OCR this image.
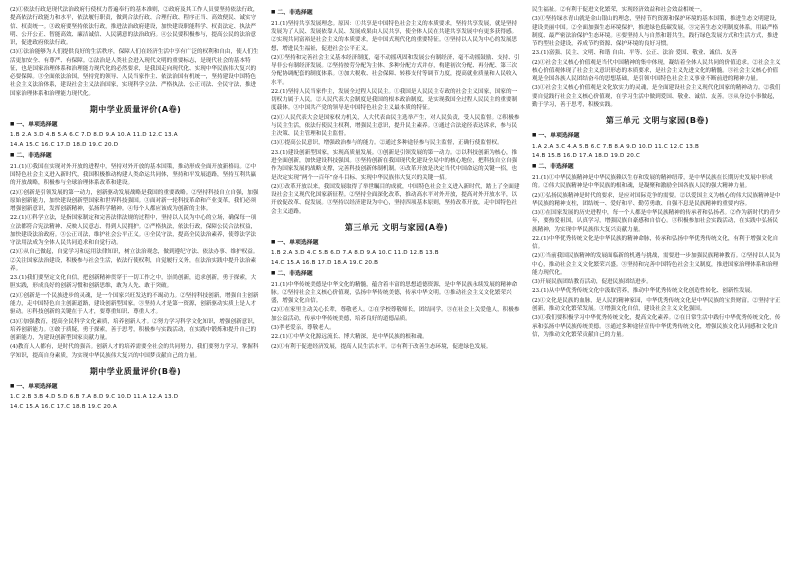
(2)①依法行政是现代法治政府行使权力普遍奉行的基本准则，②政府及其工作人员要坚持依法行政，提高依法行政能力和水平，依法履行职责，做到合法行政、合理行政、程序正当、高效便民、诚实守信、权责统一。③政府要坚持依法行政，推进法治政府建设，加快建设职能科学、权责法定、执法严明、公开公正、智能高效、廉洁诚信、人民满意的法治政府。④公民要积极参与，提高公民的法治意识，促进政府依法行政。

(3)①法治能够为人们提供良好的生活秩序，保障人们在经济生活中享有广泛的权利和自由，使人们生活更加安全、有尊严、有保障。②法治是人类社会进入现代文明的重要标志，是现代社会的基本特征，也是国家治理体系和治理能力现代化的必然要求，是我国走向现代化、实现中华民族伟大复兴的必要保障。③全面依法治国，坚持党的领导、人民当家作主、依法治国有机统一，坚持建设中国特色社会主义法治体系，建设社会主义法治国家，实现科学立法、严格执法、公正司法、全民守法，推进国家治理体系和治理能力现代化。

期中学业质量评价(A卷)
■ 一、单项选择题
1.B 2.A 3.D 4.B 5.A 6.C 7.D 8.D 9.A 10.A 11.D 12.C 13.A
14.A 15.C 16.C 17.D 18.D 19.C 20.D
■ 二、非选择题

21.(1)①我国在实现对外开放的进程中，坚持对外开放的基本国策，推动形成全面开放新格局。②中国特色社会主义进入新时代，我国积极推动构建人类命运共同体，坚持和平发展道路，坚持互利共赢的开放战略，积极参与全球治理体系改革和建设。

(2)①创新是引领发展的第一动力，创新驱动发展战略是我国的重要战略。②坚持科技自立自强，加强原始创新能力，加快建设创新型国家和世界科技强国。③面对新一轮科技革命和产业变革，我们必须增强创新意识，发挥创新精神，弘扬科学精神。④每个人都应该成为创新的主体。

22.(1)①科学立法，是指国家制定和完善法律法规的过程中，坚持以人民为中心的立场，确保每一项立法都符合宪法精神、反映人民意志、得到人民拥护。②严格执法，依法行政，保障公民合法权益，加快建设法治政府。③公正司法，维护社会公平正义。④全民守法，提高全民法治素养，使尊法学法守法用法成为全体人民共同追求和自觉行动。

(2)①从自己做起，自觉学习和运用法律知识，树立法治观念，做到遵纪守法、依法办事、维护权益。②关注国家法治建设，积极参与社会生活，依法行使权利，自觉履行义务，在法治实践中提升法治素养。

23.(1)我们要坚定文化自信，把创新精神贯穿于一切工作之中，崇尚创新，追求创新，勇于探索，大胆实践，形成良好的创新习惯和创新思维，敢为人先、敢于突破。

(2)①创新是一个民族进步的灵魂，是一个国家兴旺发达的不竭动力。②坚持科技创新，增强自主创新能力，走中国特色自主创新道路，建设创新型国家。③坚持人才是第一资源，创新驱动实质上是人才驱动。④科技创新的关键在于人才，要尊重知识、尊重人才。

(3)①加强教育，提高全民科学文化素质，培养创新人才。②努力学习科学文化知识，增强创新意识，培养创新能力。③敢于质疑，勇于探索，善于思考，积极参与实践活动，在实践中锻炼和提升自己的创新能力，为建设创新型国家贡献力量。

(4)教育人人都有，是时代的强音。创新人才的培养需要全社会的共同努力，我们要努力学习，掌握科学知识，提高自身素质，为实现中华民族伟大复兴的中国梦贡献自己的力量。

期中学业质量评价(B卷)
■ 一、单项选择题
1.C 2.B 3.B 4.D 5.D 6.B 7.A 8.D 9.C 10.D 11.A 12.A 13.D
14.C 15.A 16.C 17.C 18.B 19.C 20.A
■ 二、非选择题

21.(1)坚持共享发展理念。原因：①共享是中国特色社会主义的本质要求，坚持共享发展，就是坚持发展为了人民、发展依靠人民、发展成果由人民共享，使全体人民在共建共享发展中有更多获得感。②实现共同富裕是社会主义的本质要求，是中国式现代化的重要特征。③坚持以人民为中心的发展思想，增进民生福祉，促进社会公平正义。

(2)①坚持和完善社会主义基本经济制度，毫不动摇巩固和发展公有制经济，毫不动摇鼓励、支持、引导非公有制经济发展。②坚持按劳分配为主体、多种分配方式并存，构建初次分配、再分配、第三次分配协调配套的制度体系。③加大税收、社会保障、转移支付等调节力度，提高就业质量和人民收入水平。

22.(1)坚持人民当家作主，发展全过程人民民主。①我国是人民民主专政的社会主义国家，国家的一切权力属于人民。②人民代表大会制度是我国的根本政治制度，是实现我国全过程人民民主的重要制度载体。③中国共产党的领导是中国特色社会主义最本质的特征。

(2)①人民代表大会是国家权力机关，人大代表由民主选举产生，对人民负责，受人民监督。②积极参与民主生活，依法行使民主权利，增强民主意识，提升民主素养。③通过合法途径表达诉求，参与民主决策、民主管理和民主监督。

(3)①提高公民意识，增强政治参与的能力。②通过多种途径参与民主监督，正确行使监督权。

23.(1)建设创新型国家，实现高质量发展。①创新是引领发展的第一动力。②以科技创新为核心，推进全面创新，加快建设科技强国。③坚持创新在我国现代化建设全局中的核心地位，把科技自立自强作为国家发展的战略支撑，完善科技创新体制机制。④改革开放是决定当代中国命运的关键一招，也是决定实现“两个一百年”奋斗目标、实现中华民族伟大复兴的关键一招。

(2)①改革开放以来，我国发展取得了举世瞩目的成就，中国特色社会主义进入新时代，踏上了全面建设社会主义现代化国家新征程。②坚持全面深化改革，推动高水平对外开放，提高对外开放水平，以开放促改革、促发展。③坚持以经济建设为中心，坚持四项基本原则，坚持改革开放，走中国特色社会主义道路。

第三单元 文明与家园(A卷)
■ 一、单项选择题
1.B 2.A 3.D 4.C 5.B 6.D 7.A 8.D 9.A 10.C 11.D 12.B 13.B
14.C 15.A 16.B 17.D 18.A 19.C 20.B
■ 二、非选择题

21.(1)中华传统美德是中华文化的精髓，蕴含着丰富的思想道德资源，是中华民族永续发展的精神命脉。②坚持社会主义核心价值观，弘扬中华传统美德，传承中华文明。③推动社会主义文化繁荣兴盛，增强文化自信。

(2)①在家里主动关心长辈，尊敬老人。②在学校尊敬师长，团结同学。③在社会上关爱他人，积极参加公益活动，传承中华传统美德，培养良好的道德品质。

(3)孝老爱亲，尊敬老人。

22.(1)①中华文化源远流长、博大精深，是中华民族的根和魂。

(2)①有利于促进经济发展，提高人民生活水平。②有利于改善生态环境，促进绿色发展。

民生福祉。②有利于促进文化繁荣，实现经济效益和社会效益相统一。

(3)①坚持绿水青山就是金山银山的理念，坚持节约资源和保护环境的基本国策，推进生态文明建设，建设美丽中国。②全面加强生态环境保护，推进绿色低碳发展。③完善生态文明制度体系，用最严格制度、最严密法治保护生态环境。④要坚持人与自然和谐共生，践行绿色发展方式和生活方式，推进节约型社会建设，养成节约资源、保护环境的良好习惯。

23.(1)富强、民主、文明、和谐 自由、平等、公正、法治 爱国、敬业、诚信、友善

(2)①社会主义核心价值观是当代中国精神的集中体现，凝结着全体人民共同的价值追求。②社会主义核心价值观体现了社会主义意识形态的本质要求，是社会主义先进文化的精髓。③社会主义核心价值观是全国各族人民团结奋斗的思想基础，是引领中国特色社会主义事业不断前进的精神力量。

(3)①社会主义核心价值观是文化软实力的灵魂，是全面建设社会主义现代化国家的精神动力。②我们要自觉践行社会主义核心价值观，在学习生活中做到爱国、敬业、诚信、友善。③从身边小事做起，勤于学习，善于思考，积极实践。

第三单元 文明与家园(B卷)
■ 一、单项选择题
1.A 2.A 3.C 4.A 5.B 6.C 7.B 8.A 9.D 10.D 11.C 12.C 13.B
14.B 15.B 16.D 17.A 18.D 19.D 20.C
■ 二、非选择题

21.(1)①中华民族精神是中华民族赖以生存和发展的精神纽带，是中华民族在长期历史发展中形成的。②伟大民族精神是中华民族的根和魂，是凝聚和激励全国各族人民的强大精神力量。

(2)①弘扬民族精神是时代的要求，是应对国际竞争的需要。②以爱国主义为核心的伟大民族精神是中华民族的精神支柱，团结统一、爱好和平、勤劳勇敢、自强不息是民族精神的重要内容。

(3)①在国家发展的历史进程中，每一个人都是中华民族精神的传承者和弘扬者。②作为新时代的青少年，要热爱祖国，认真学习，增强民族自豪感和自信心。③积极参加社会实践活动，在实践中弘扬民族精神，为实现中华民族伟大复兴贡献力量。

22.(1)中华优秀传统文化是中华民族的精神命脉，传承和弘扬中华优秀传统文化，有利于增强文化自信。

(2)①当前我国民族精神的发展面临新的机遇与挑战，需要进一步加强民族精神教育。②坚持以人民为中心，推动社会主义文化繁荣兴盛。③坚持和完善中国特色社会主义制度，推进国家治理体系和治理能力现代化。

(3)开展民族团结教育活动，促进民族团结进步。

23.(1)从中华优秀传统文化中汲取营养，推动中华优秀传统文化创造性转化、创新性发展。

(2)①文化是民族的血脉，是人民的精神家园，中华优秀传统文化是中华民族的宝贵财富。②坚持守正创新，推动文化繁荣发展。③增强文化自信，建设社会主义文化强国。

(3)①我们要积极学习中华优秀传统文化，提高文化素养。②在日常生活中践行中华优秀传统文化，传承和弘扬中华民族传统美德。③通过多种途径宣传中华优秀传统文化，增强民族文化认同感和文化自信，为推动文化繁荣贡献自己的力量。
